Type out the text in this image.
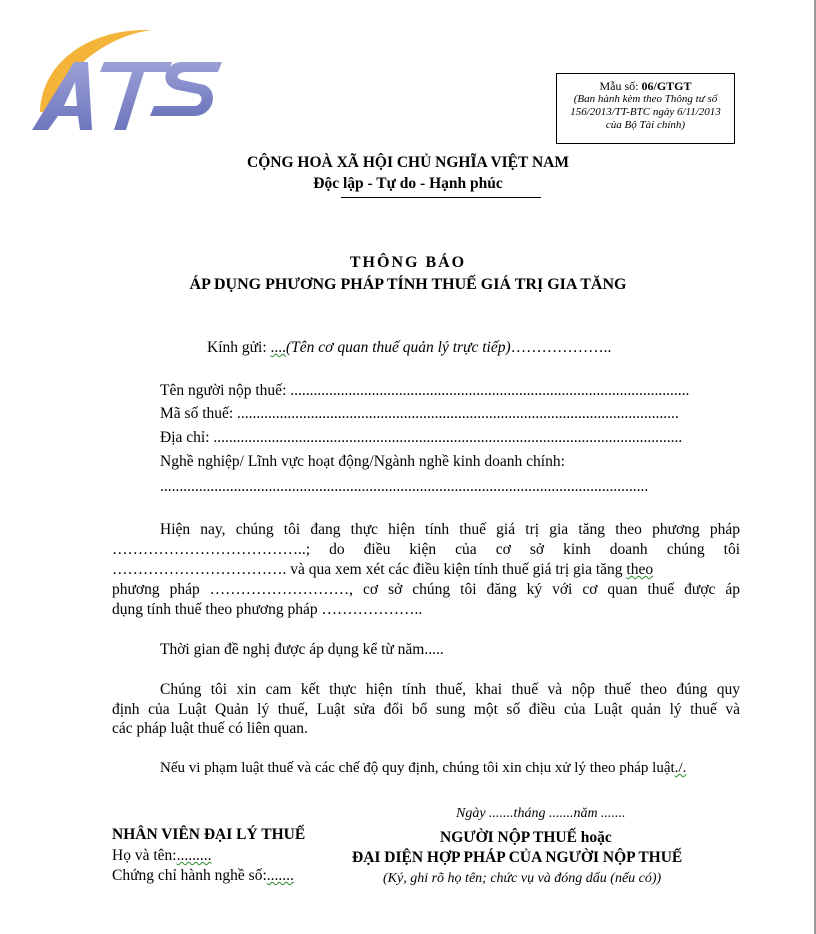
Mẫu số: 06/GTGT
(Ban hành kèm theo Thông tư số 156/2013/TT-BTC ngày 6/11/2013 của Bộ Tài chính)
CỘNG HOÀ XÃ HỘI CHỦ NGHĨA VIỆT NAM
Độc lập - Tự do - Hạnh phúc
THÔNG BÁO
ÁP DỤNG PHƯƠNG PHÁP TÍNH THUẾ GIÁ TRỊ GIA TĂNG
Kính gửi: ....(Tên cơ quan thuế quản lý trực tiếp)………………..
Tên người nộp thuế: .......................................................................................................
Mã số thuế: ..................................................................................................................
Địa chỉ: .........................................................................................................................
Nghề nghiệp/ Lĩnh vực hoạt động/Ngành nghề kinh doanh chính:
..............................................................................................................................
Hiện nay, chúng tôi đang thực hiện tính thuế giá trị gia tăng theo phương pháp
………………………………..; do điều kiện của cơ sở kinh doanh chúng tôi
……………………………. và qua xem xét các điều kiện tính thuế giá trị gia tăng theo
phương pháp ………………………, cơ sở chúng tôi đăng ký với cơ quan thuế được áp
dụng tính thuế theo phương pháp ………………..
Thời gian đề nghị được áp dụng kể từ năm.....
Chúng tôi xin cam kết thực hiện tính thuế, khai thuế và nộp thuế theo đúng quy
định của Luật Quản lý thuế, Luật sửa đổi bổ sung một số điều của Luật quản lý thuế và
các pháp luật thuế có liên quan.
Nếu vi phạm luật thuế và các chế độ quy định, chúng tôi xin chịu xử lý theo pháp luật./.
Ngày .......tháng .......năm .......
NHÂN VIÊN ĐẠI LÝ THUẾ
Họ và tên:.........
Chứng chỉ hành nghề số:.......
NGƯỜI NỘP THUẾ hoặc
ĐẠI DIỆN HỢP PHÁP CỦA NGƯỜI NỘP THUẾ
(Ký, ghi rõ họ tên; chức vụ và đóng dấu (nếu có))
